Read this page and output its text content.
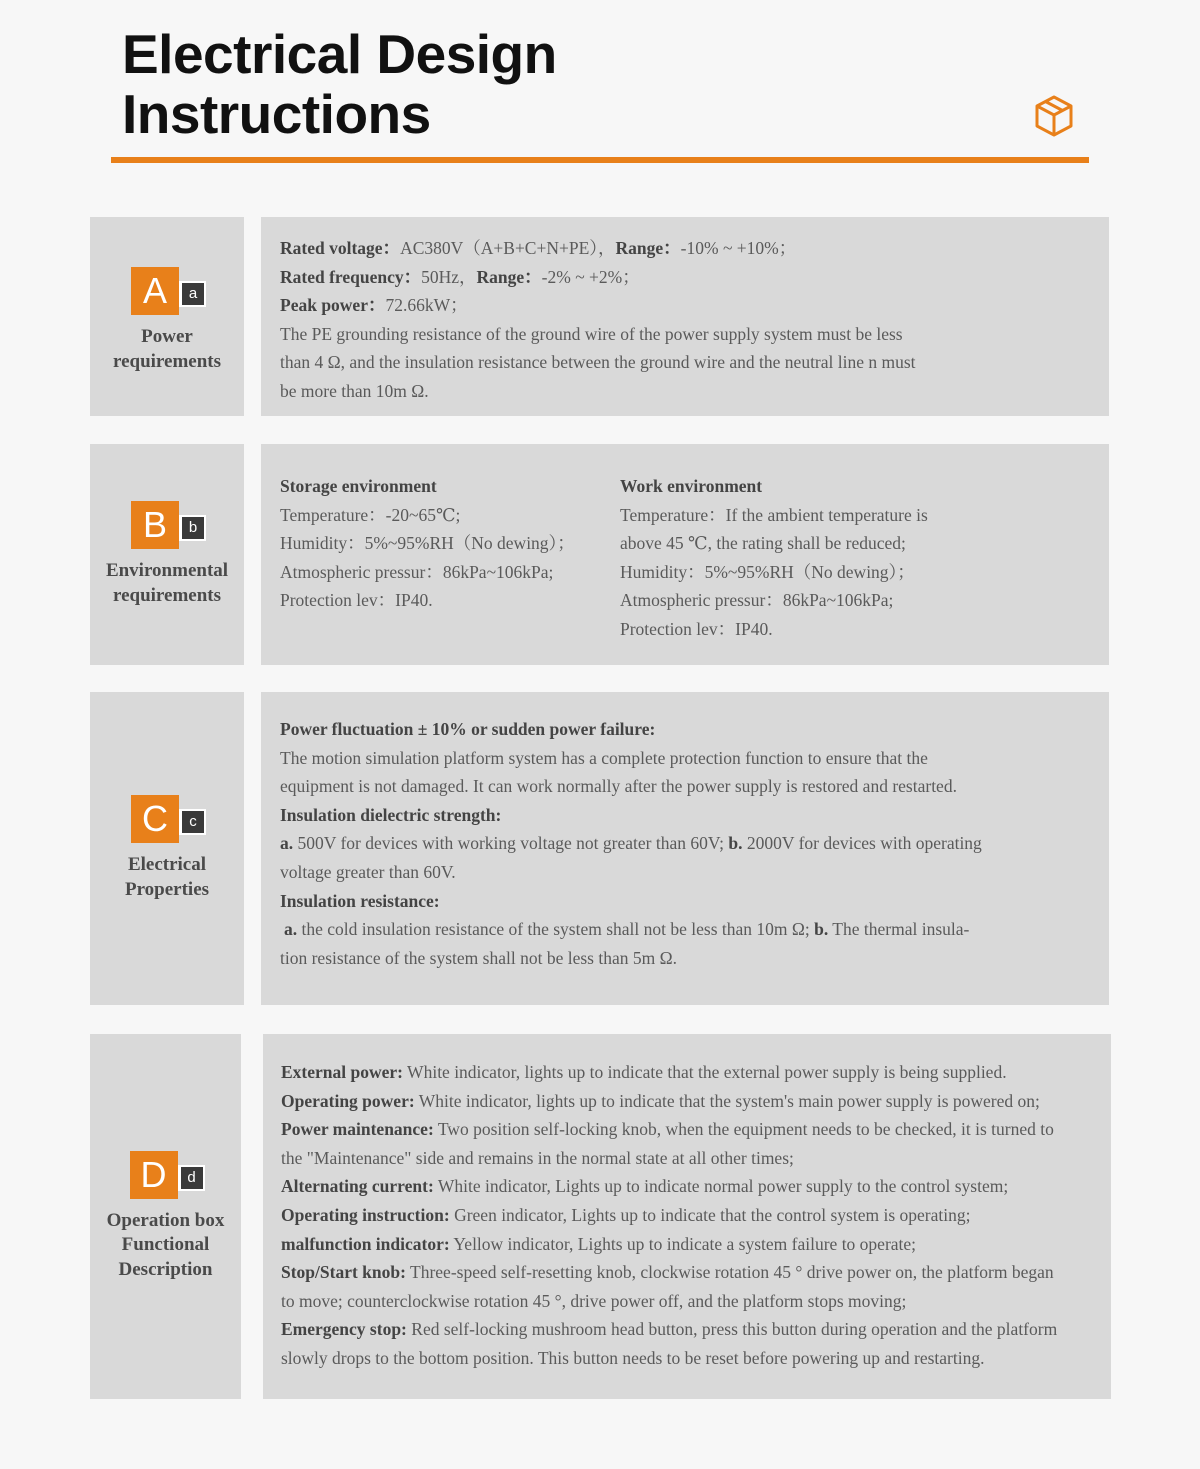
Electrical Design
Instructions
A	a
Power
requirements
Rated voltage：AC380V（A+B+C+N+PE），Range：-10% ~ +10%；
Rated frequency：50Hz，Range：-2% ~ +2%；
Peak power：72.66kW；
The PE grounding resistance of the ground wire of the power supply system must be less
than 4 Ω, and the insulation resistance between the ground wire and the neutral line n must
be more than 10m Ω.
B	b
Environmental
requirements
Storage environment
Temperature：-20~65℃;
Humidity：5%~95%RH（No dewing）；
Atmospheric pressur：86kPa~106kPa;
Protection lev：IP40.
Work environment
Temperature：If the ambient temperature is
above 45 ℃, the rating shall be reduced;
Humidity：5%~95%RH（No dewing）；
Atmospheric pressur：86kPa~106kPa;
Protection lev：IP40.
C	c
Electrical
Properties
Power fluctuation ± 10% or sudden power failure:
The motion simulation platform system has a complete protection function to ensure that the
equipment is not damaged. It can work normally after the power supply is restored and restarted.
Insulation dielectric strength:
a. 500V for devices with working voltage not greater than 60V; b. 2000V for devices with operating
voltage greater than 60V.
Insulation resistance:
a. the cold insulation resistance of the system shall not be less than 10m Ω; b. The thermal insula-
tion resistance of the system shall not be less than 5m Ω.
D	d
Operation box
Functional
Description
External power: White indicator, lights up to indicate that the external power supply is being supplied.
Operating power: White indicator, lights up to indicate that the system's main power supply is powered on;
Power maintenance: Two position self-locking knob, when the equipment needs to be checked, it is turned to
the "Maintenance" side and remains in the normal state at all other times;
Alternating current: White indicator, Lights up to indicate normal power supply to the control system;
Operating instruction: Green indicator, Lights up to indicate that the control system is operating;
malfunction indicator: Yellow indicator, Lights up to indicate a system failure to operate;
Stop/Start knob: Three-speed self-resetting knob, clockwise rotation 45 ° drive power on, the platform began
to move; counterclockwise rotation 45 °, drive power off, and the platform stops moving;
Emergency stop: Red self-locking mushroom head button, press this button during operation and the platform
slowly drops to the bottom position. This button needs to be reset before powering up and restarting.
